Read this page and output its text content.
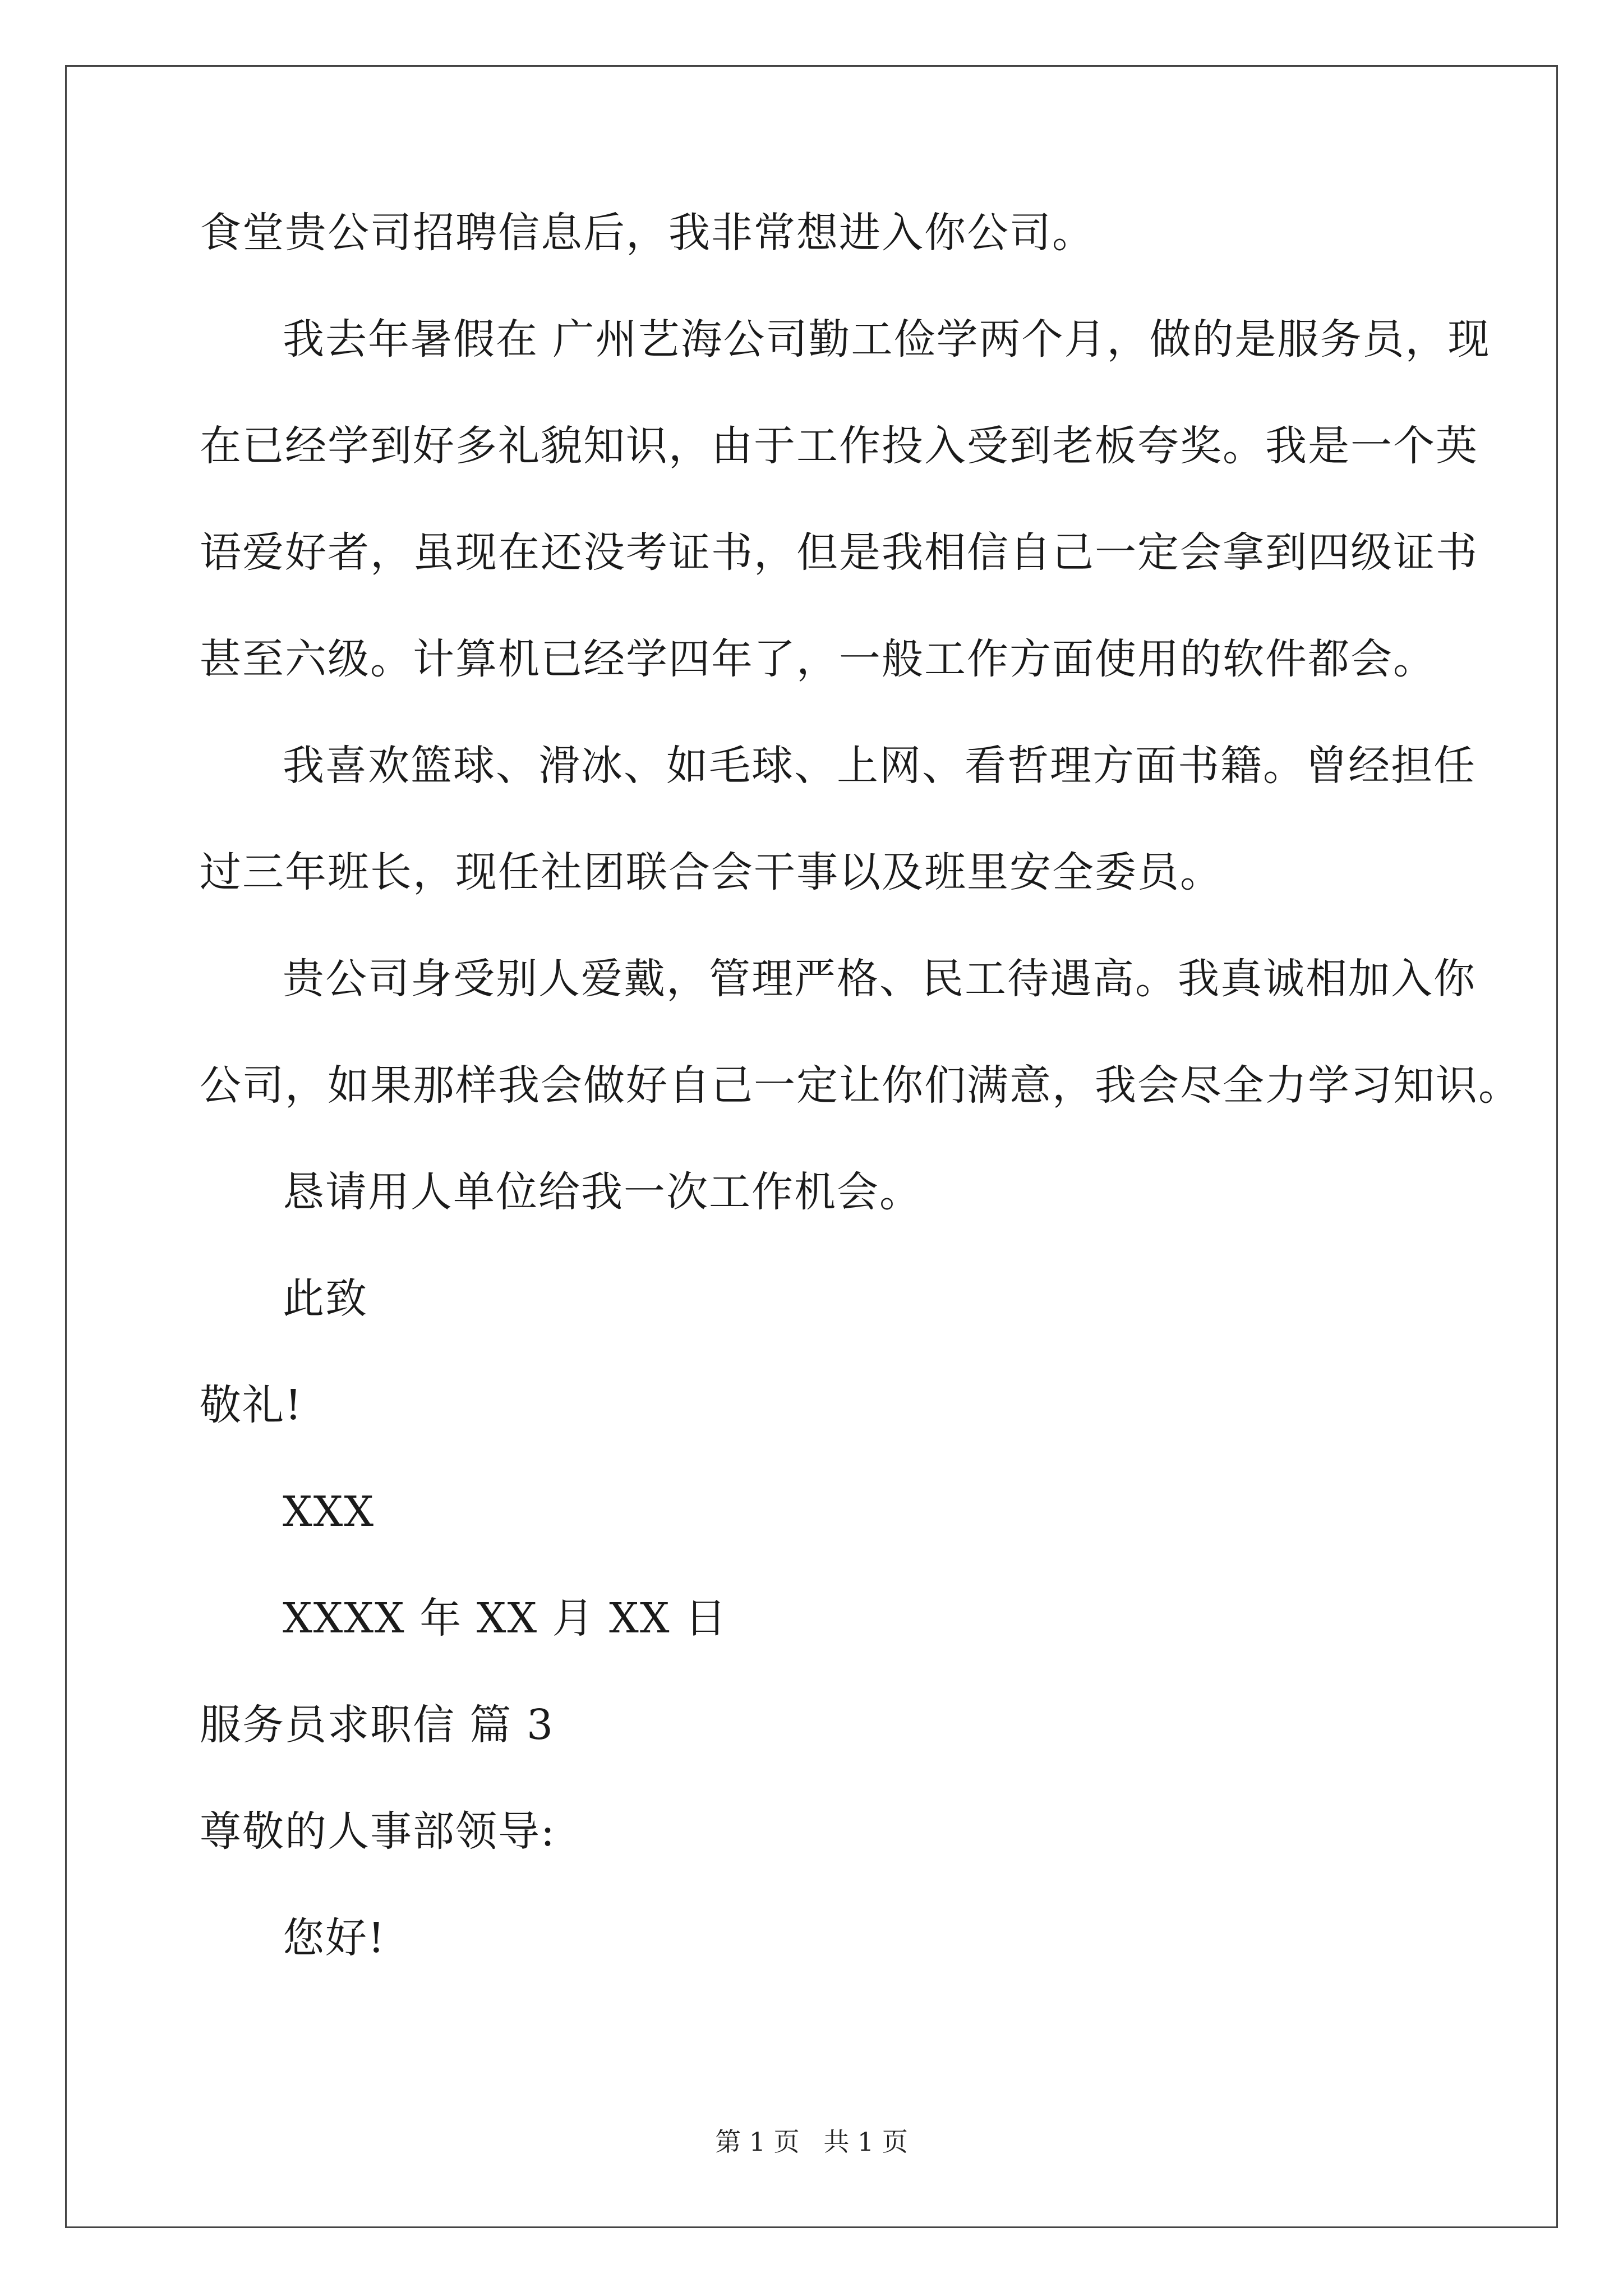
食堂贵公司招聘信息后，我非常想进入你公司。
我去年暑假在 广州艺海公司勤工俭学两个月，做的是服务员，现
在已经学到好多礼貌知识，由于工作投入受到老板夸奖。我是一个英
语爱好者，虽现在还没考证书，但是我相信自己一定会拿到四级证书
甚至六级。计算机已经学四年了，一般工作方面使用的软件都会。
我喜欢篮球、滑冰、如毛球、上网、看哲理方面书籍。曾经担任
过三年班长，现任社团联合会干事以及班里安全委员。
贵公司身受别人爱戴，管理严格、民工待遇高。我真诚相加入你
公司，如果那样我会做好自己一定让你们满意，我会尽全力学习知识。
恳请用人单位给我一次工作机会。
此致
敬礼!
XXX
XXXX 年 XX 月 XX 日
服务员求职信 篇 3
尊敬的人事部领导:
您好!
第 1 页 共 1 页
